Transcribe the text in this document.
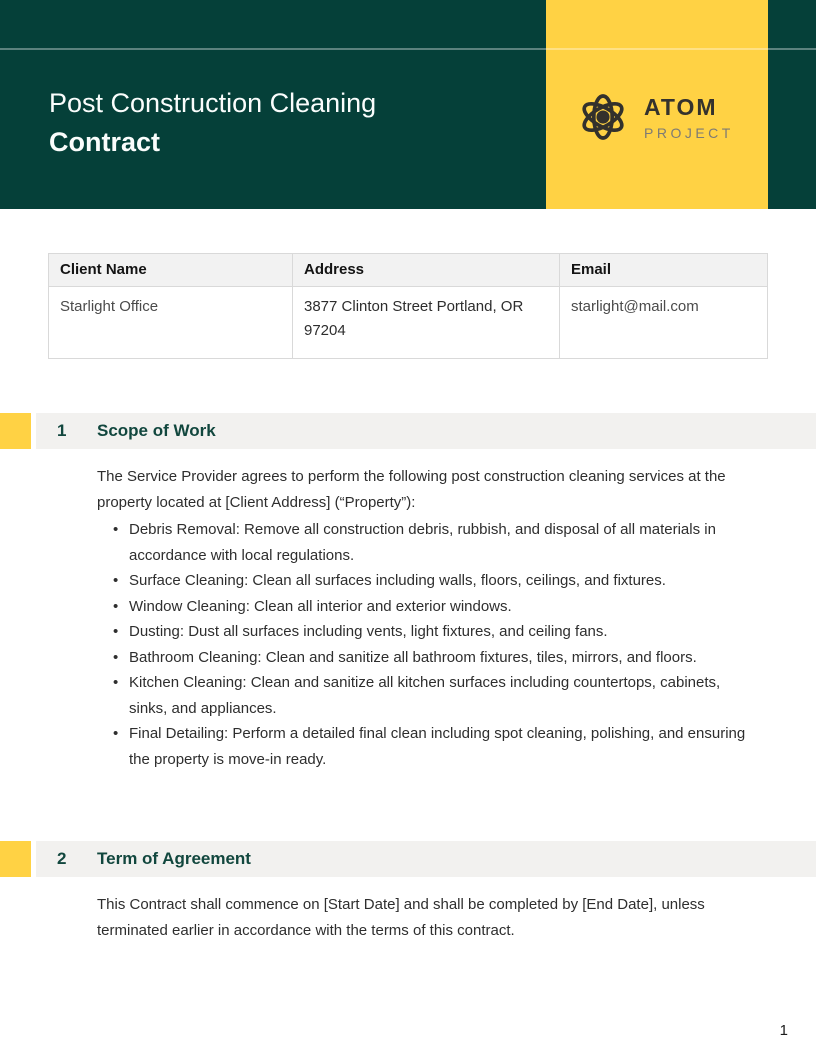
ATOM
PROJECT
Post Construction Cleaning
Contract
Client Name	Address	Email
Starlight Office	3877 Clinton Street Portland, OR 97204	starlight@mail.com
1	Scope of Work

The Service Provider agrees to perform the following post construction cleaning services at the property located at [Client Address] (“Property”):

• Debris Removal: Remove all construction debris, rubbish, and disposal of all materials in accordance with local regulations.
• Surface Cleaning: Clean all surfaces including walls, floors, ceilings, and fixtures.
• Window Cleaning: Clean all interior and exterior windows.
• Dusting: Dust all surfaces including vents, light fixtures, and ceiling fans.
• Bathroom Cleaning: Clean and sanitize all bathroom fixtures, tiles, mirrors, and floors.
• Kitchen Cleaning: Clean and sanitize all kitchen surfaces including countertops, cabinets, sinks, and appliances.
• Final Detailing: Perform a detailed final clean including spot cleaning, polishing, and ensuring the property is move-in ready.
2	Term of Agreement

This Contract shall commence on [Start Date] and shall be completed by [End Date], unless terminated earlier in accordance with the terms of this contract.

1
